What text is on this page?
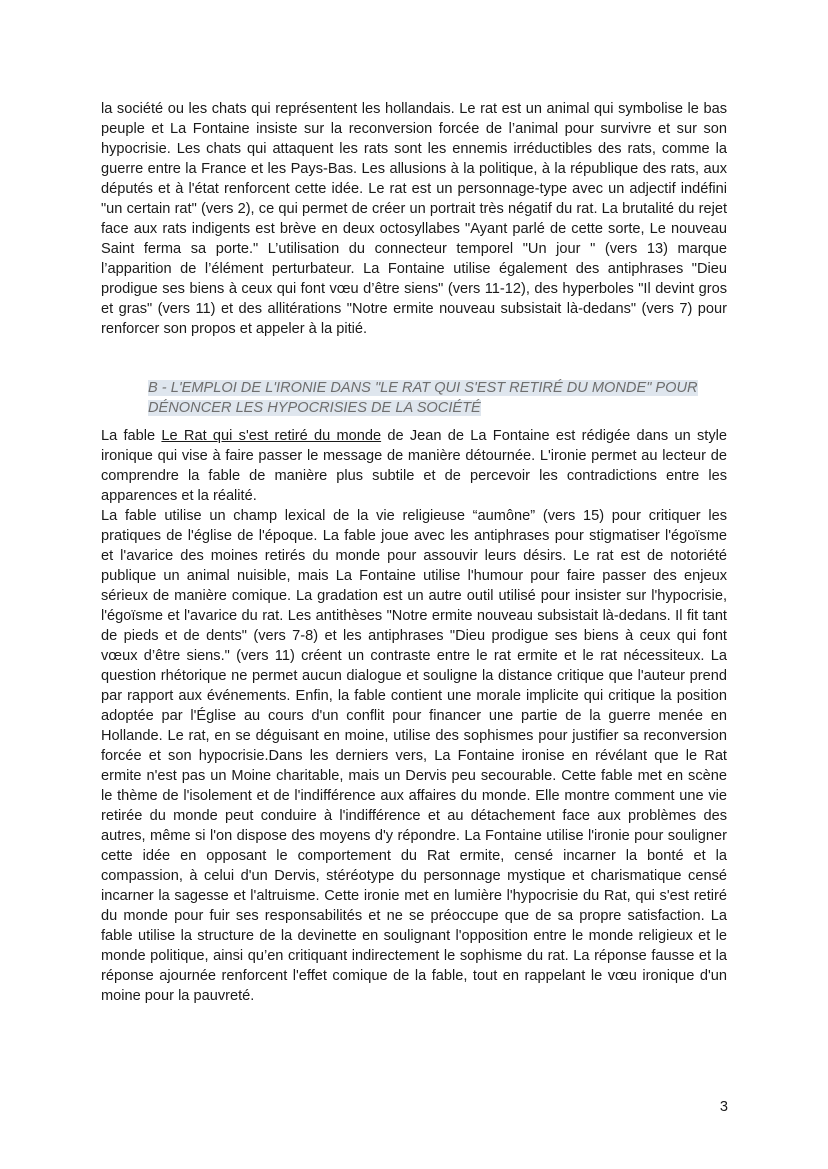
la société ou les chats qui représentent les hollandais. Le rat est un animal qui symbolise le bas peuple et La Fontaine insiste sur la reconversion forcée de l’animal pour survivre et sur son hypocrisie. Les chats qui attaquent les rats sont les ennemis irréductibles des rats, comme la guerre entre la France et les Pays-Bas. Les allusions à la politique, à la république des rats, aux députés et à l'état renforcent cette idée. Le rat est un personnage-type avec un adjectif indéfini "un certain rat" (vers 2), ce qui permet de créer un portrait très négatif du rat. La brutalité du rejet face aux rats indigents est brève en deux octosyllabes "Ayant parlé de cette sorte, Le nouveau Saint ferma sa porte." L’utilisation du connecteur temporel "Un jour " (vers 13) marque l’apparition de l’élément perturbateur. La Fontaine utilise également des antiphrases "Dieu prodigue ses biens à ceux qui font vœu d’être siens" (vers 11-12), des hyperboles "Il devint gros et gras" (vers 11) et des allitérations "Notre ermite nouveau subsistait là-dedans" (vers 7) pour renforcer son propos et appeler à la pitié.

B - L'EMPLOI DE L'IRONIE DANS "LE RAT QUI S'EST RETIRÉ DU MONDE" POUR DÉNONCER LES HYPOCRISIES DE LA SOCIÉTÉ

La fable Le Rat qui s'est retiré du monde de Jean de La Fontaine est rédigée dans un style ironique qui vise à faire passer le message de manière détournée. L'ironie permet au lecteur de comprendre la fable de manière plus subtile et de percevoir les contradictions entre les apparences et la réalité.

La fable utilise un champ lexical de la vie religieuse “aumône” (vers 15) pour critiquer les pratiques de l'église de l'époque. La fable joue avec les antiphrases pour stigmatiser l'égoïsme et l'avarice des moines retirés du monde pour assouvir leurs désirs. Le rat est de notoriété publique un animal nuisible, mais La Fontaine utilise l'humour pour faire passer des enjeux sérieux de manière comique. La gradation est un autre outil utilisé pour insister sur l'hypocrisie, l'égoïsme et l'avarice du rat. Les antithèses "Notre ermite nouveau subsistait là-dedans. Il fit tant de pieds et de dents" (vers 7-8) et les antiphrases "Dieu prodigue ses biens à ceux qui font vœux d’être siens." (vers 11) créent un contraste entre le rat ermite et le rat nécessiteux. La question rhétorique ne permet aucun dialogue et souligne la distance critique que l'auteur prend par rapport aux événements. Enfin, la fable contient une morale implicite qui critique la position adoptée par l'Église au cours d'un conflit pour financer une partie de la guerre menée en Hollande. Le rat, en se déguisant en moine, utilise des sophismes pour justifier sa reconversion forcée et son hypocrisie.Dans les derniers vers, La Fontaine ironise en révélant que le Rat ermite n'est pas un Moine charitable, mais un Dervis peu secourable. Cette fable met en scène le thème de l'isolement et de l'indifférence aux affaires du monde. Elle montre comment une vie retirée du monde peut conduire à l'indifférence et au détachement face aux problèmes des autres, même si l'on dispose des moyens d'y répondre. La Fontaine utilise l'ironie pour souligner cette idée en opposant le comportement du Rat ermite, censé incarner la bonté et la compassion, à celui d'un Dervis, stéréotype du personnage mystique et charismatique censé incarner la sagesse et l'altruisme. Cette ironie met en lumière l'hypocrisie du Rat, qui s'est retiré du monde pour fuir ses responsabilités et ne se préoccupe que de sa propre satisfaction. La fable utilise la structure de la devinette en soulignant l'opposition entre le monde religieux et le monde politique, ainsi qu’en critiquant indirectement le sophisme du rat. La réponse fausse et la réponse ajournée renforcent l'effet comique de la fable, tout en rappelant le vœu ironique d'un moine pour la pauvreté.

3
